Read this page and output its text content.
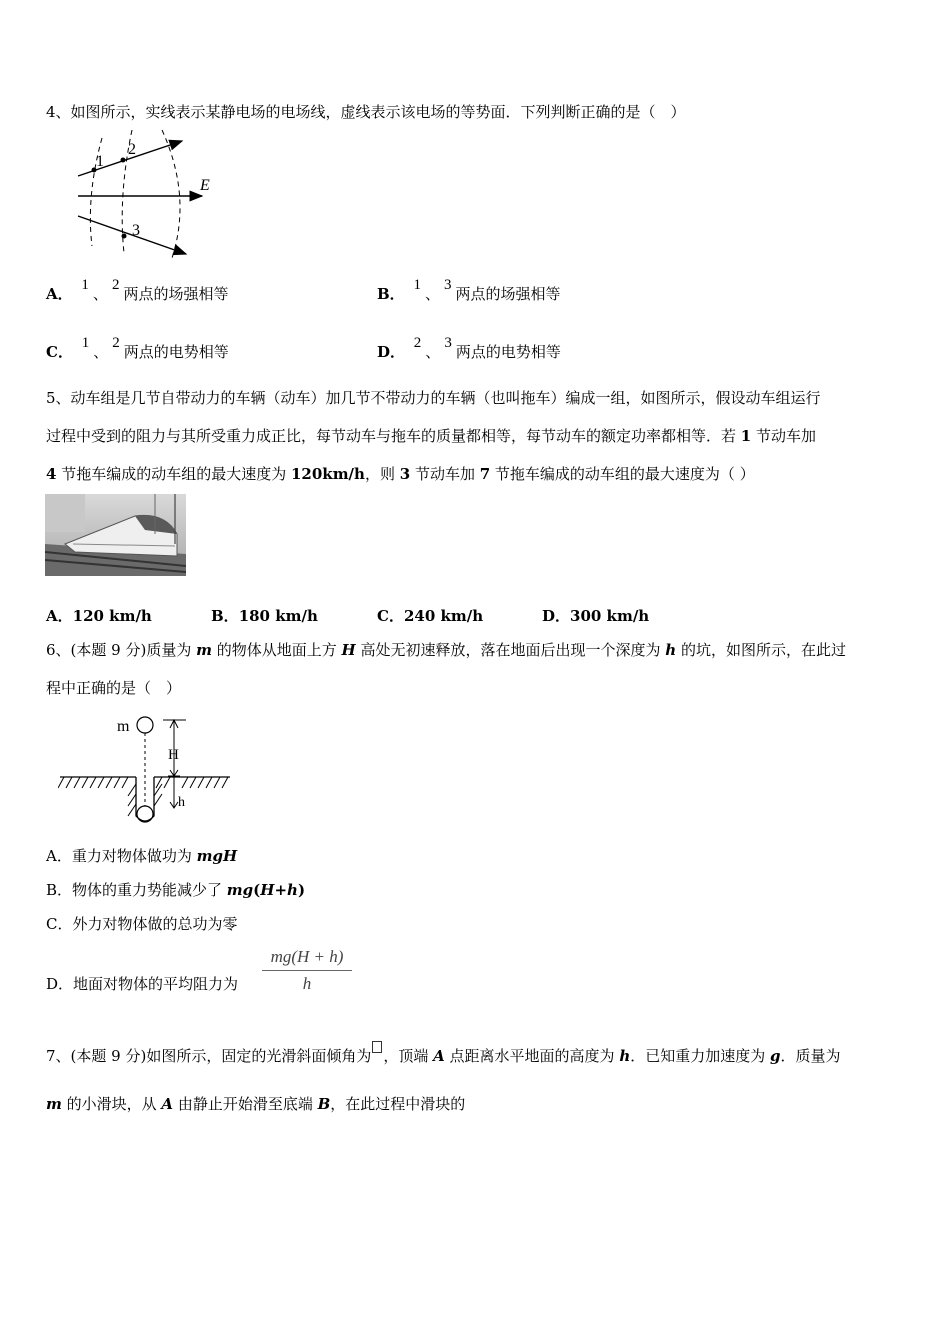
4、如图所示，实线表示某静电场的电场线，虚线表示该电场的等势面．下列判断正确的是（　）
1
2
3
E
A． 1 、 2 两点的场强相等	B． 1 、 3 两点的场强相等
C． 1 、 2 两点的电势相等	D． 2 、 3 两点的电势相等
5、动车组是几节自带动力的车辆（动车）加几节不带动力的车辆（也叫拖车）编成一组，如图所示，假设动车组运行
过程中受到的阻力与其所受重力成正比，每节动车与拖车的质量都相等，每节动车的额定功率都相等．若 1 节动车加
4 节拖车编成的动车组的最大速度为 120km/h，则 3 节动车加 7 节拖车编成的动车组的最大速度为（ ）
A．120 km/h	B．180 km/h	C．240 km/h	D．300 km/h
6、(本题 9 分)质量为 m 的物体从地面上方 H 高处无初速释放，落在地面后出现一个深度为 h 的坑，如图所示，在此过
程中正确的是（　）
m
H
h
A．重力对物体做功为 mgH
B．物体的重力势能减少了 mg(H+h)
C．外力对物体做的总功为零
D．地面对物体的平均阻力为 $\frac{mg(H + h)}{h}$
7、(本题 9 分)如图所示，固定的光滑斜面倾角为 ，顶端 A 点距离水平地面的高度为 h．已知重力加速度为 g．质量为
m 的小滑块，从 A 由静止开始滑至底端 B，在此过程中滑块的
